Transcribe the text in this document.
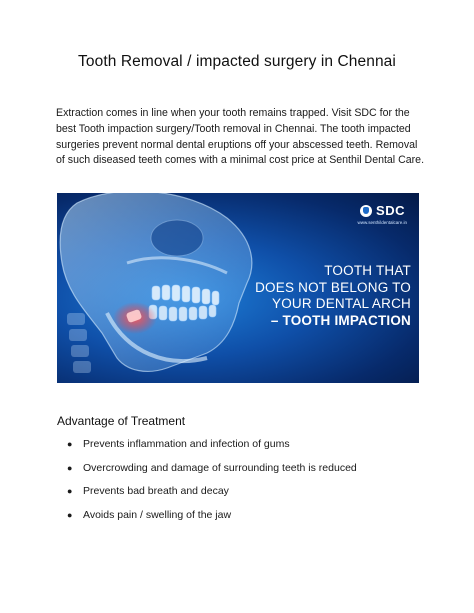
Tooth Removal / impacted surgery in Chennai

Extraction comes in line when your tooth remains trapped. Visit SDC for the best Tooth impaction surgery/Tooth removal in Chennai. The tooth impacted surgeries prevent normal dental eruptions off your abscessed teeth. Removal of such diseased teeth comes with a minimal cost price at Senthil Dental Care.

SDC
www.senthildentalcare.in
TOOTH THAT
DOES NOT BELONG TO
YOUR DENTAL ARCH
– TOOTH IMPACTION
Advantage of Treatment
●	Prevents inflammation and infection of gums
●	Overcrowding and damage of surrounding teeth is reduced
●	Prevents bad breath and decay
●	Avoids pain / swelling of the jaw
